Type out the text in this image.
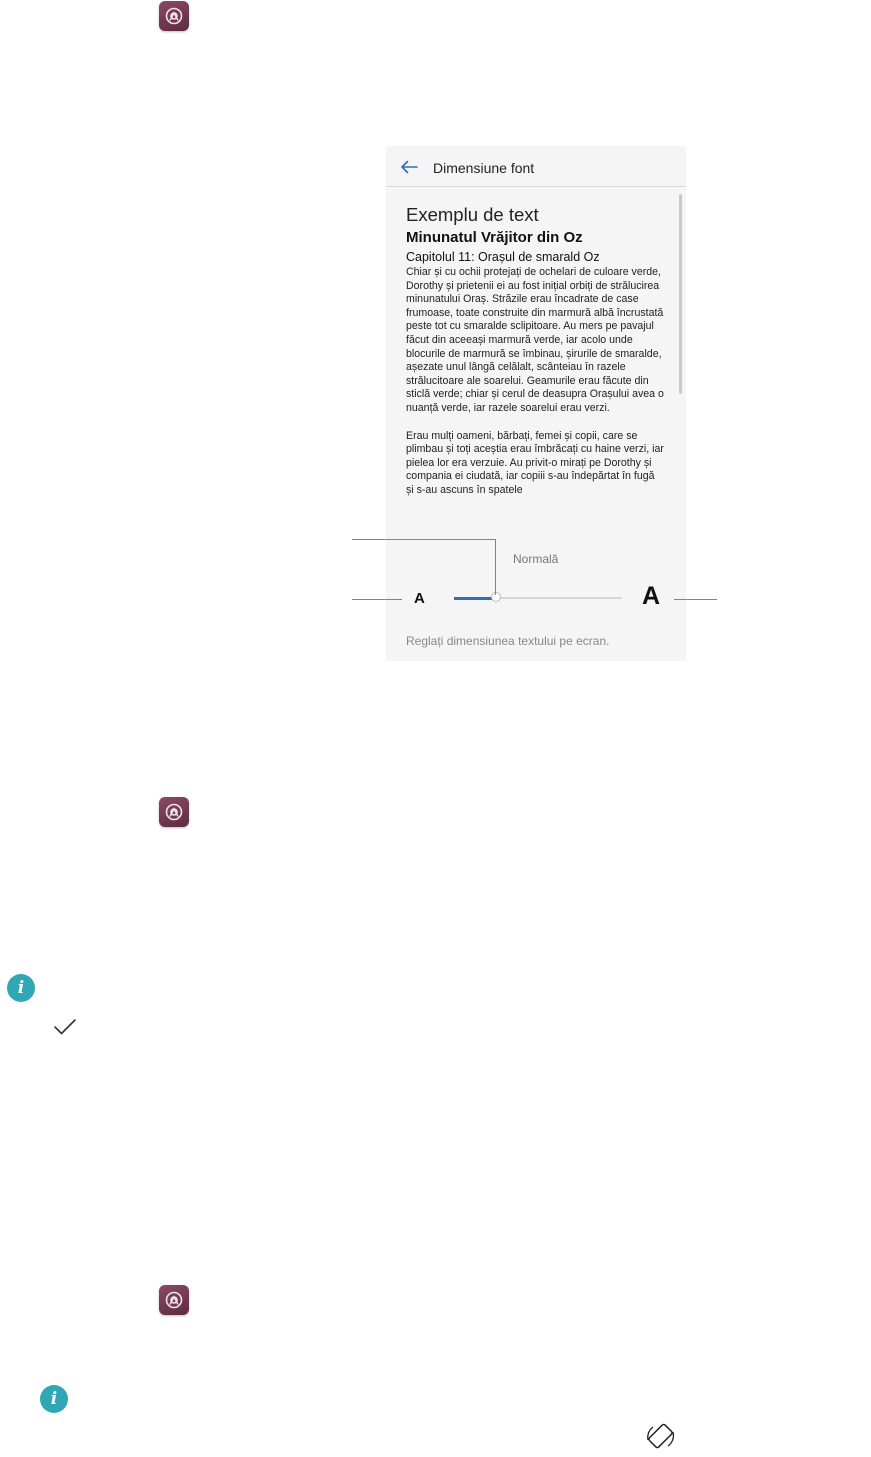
Dimensiune font
Exemplu de text
Minunatul Vrăjitor din Oz
Capitolul 11: Orașul de smarald Oz
Chiar și cu ochii protejați de ochelari de culoare verde, Dorothy și prietenii ei au fost inițial orbiți de strălucirea minunatului Oraș. Străzile erau încadrate de case frumoase, toate construite din marmură albă încrustată peste tot cu smaralde sclipitoare. Au mers pe pavajul făcut din aceeași marmură verde, iar acolo unde blocurile de marmură se îmbinau, șirurile de smaralde, așezate unul lângă celălalt, scânteiau în razele strălucitoare ale soarelui. Geamurile erau făcute din sticlă verde; chiar și cerul de deasupra Orașului avea o nuanță verde, iar razele soarelui erau verzi.
Erau mulți oameni, bărbați, femei și copii, care se plimbau și toți aceștia erau îmbrăcați cu haine verzi, iar pielea lor era verzuie. Au privit-o mirați pe Dorothy și compania ei ciudată, iar copiii s-au îndepărtat în fugă și s-au ascuns în spatele
Normală
A	A
Reglați dimensiunea textului pe ecran.
i
i
